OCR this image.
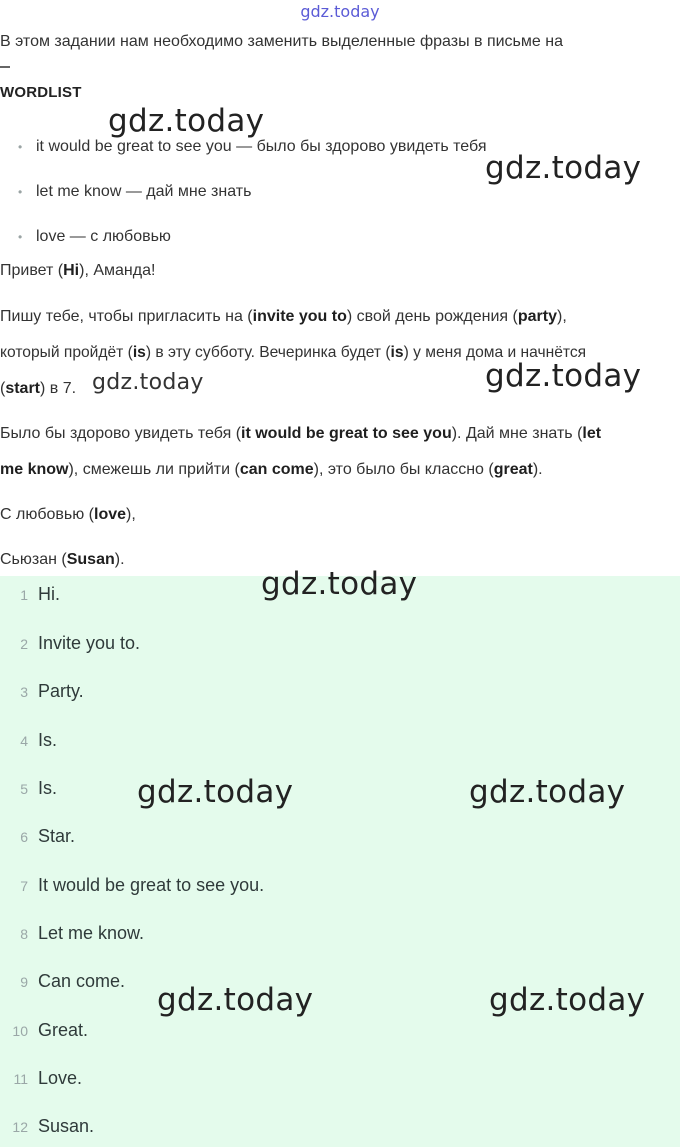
gdz.today
В этом задании нам необходимо заменить выделенные фразы в письме на
WORDLIST
• it would be great to see you — было бы здорово увидеть тебя
• let me know — дай мне знать
• love — с любовью
Привет (Hi), Аманда!
Пишу тебе, чтобы пригласить на (invite you to) свой день рождения (party),
который пройдёт (is) в эту субботу. Вечеринка будет (is) у меня дома и начнётся
(start) в 7.
Было бы здорово увидеть тебя (it would be great to see you). Дай мне знать (let
me know), смежешь ли прийти (can come), это было бы классно (great).
С любовью (love),
Сьюзан (Susan).
1 Hi.
2 Invite you to.
3 Party.
4 Is.
5 Is.
6 Star.
7 It would be great to see you.
8 Let me know.
9 Can come.
10 Great.
11 Love.
12 Susan.
gdz.today
gdz.today
gdz.today	gdz.today
gdz.today
gdz.today	gdz.today
gdz.today	gdz.today
